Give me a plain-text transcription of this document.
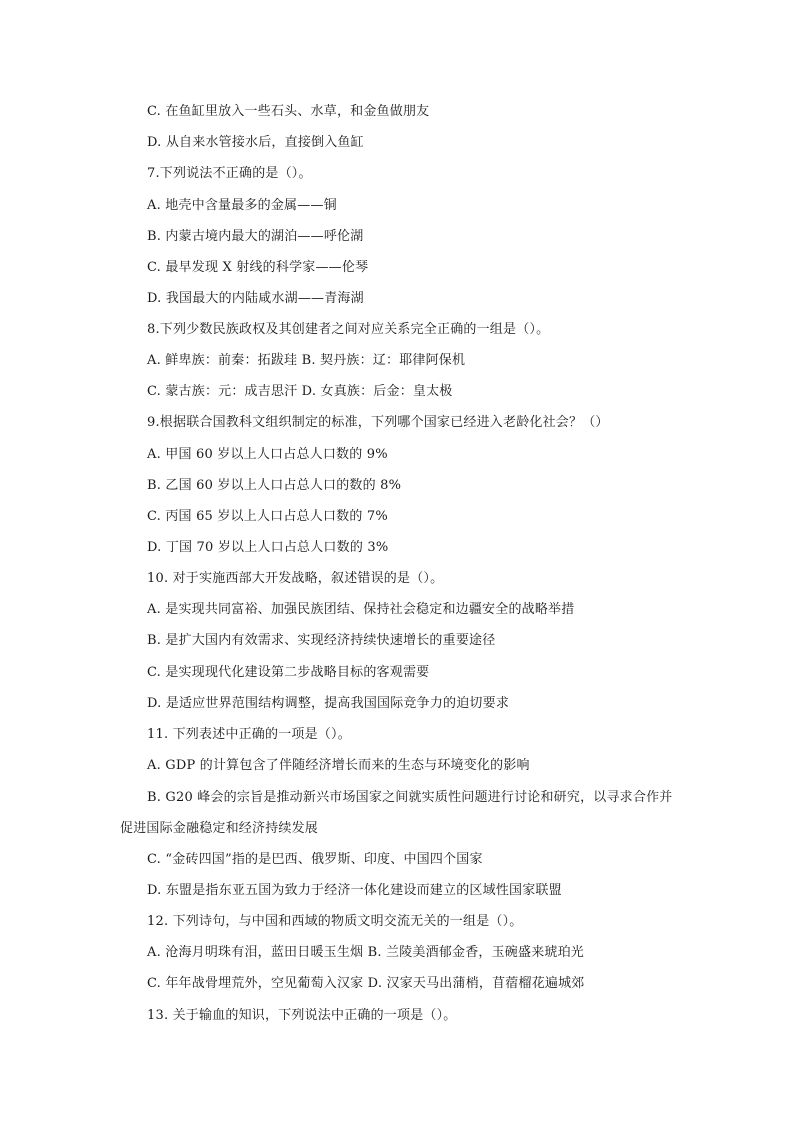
C. 在鱼缸里放入一些石头、水草，和金鱼做朋友
D. 从自来水管接水后，直接倒入鱼缸
7.下列说法不正确的是（）。
A. 地壳中含量最多的金属——铜
B. 内蒙古境内最大的湖泊——呼伦湖
C. 最早发现 X 射线的科学家——伦琴
D. 我国最大的内陆咸水湖——青海湖
8.下列少数民族政权及其创建者之间对应关系完全正确的一组是（）。
A. 鲜卑族：前秦：拓跋珪 B. 契丹族：辽：耶律阿保机
C. 蒙古族：元：成吉思汗 D. 女真族：后金：皇太极
9.根据联合国教科文组织制定的标准，下列哪个国家已经进入老龄化社会？（）
A. 甲国 60 岁以上人口占总人口数的 9%
B. 乙国 60 岁以上人口占总人口的数的 8%
C. 丙国 65 岁以上人口占总人口数的 7%
D. 丁国 70 岁以上人口占总人口数的 3%
10. 对于实施西部大开发战略，叙述错误的是（）。
A. 是实现共同富裕、加强民族团结、保持社会稳定和边疆安全的战略举措
B. 是扩大国内有效需求、实现经济持续快速增长的重要途径
C. 是实现现代化建设第二步战略目标的客观需要
D. 是适应世界范围结构调整，提高我国国际竞争力的迫切要求
11. 下列表述中正确的一项是（）。
A. GDP 的计算包含了伴随经济增长而来的生态与环境变化的影响
B. G20 峰会的宗旨是推动新兴市场国家之间就实质性问题进行讨论和研究，以寻求合作并促进国际金融稳定和经济持续发展
C. “金砖四国”指的是巴西、俄罗斯、印度、中国四个国家
D. 东盟是指东亚五国为致力于经济一体化建设而建立的区域性国家联盟
12. 下列诗句，与中国和西域的物质文明交流无关的一组是（）。
A. 沧海月明珠有泪，蓝田日暖玉生烟 B. 兰陵美酒郁金香，玉碗盛来琥珀光
C. 年年战骨埋荒外，空见葡萄入汉家 D. 汉家天马出蒲梢，苜蓿榴花遍城郊
13. 关于输血的知识，下列说法中正确的一项是（）。
